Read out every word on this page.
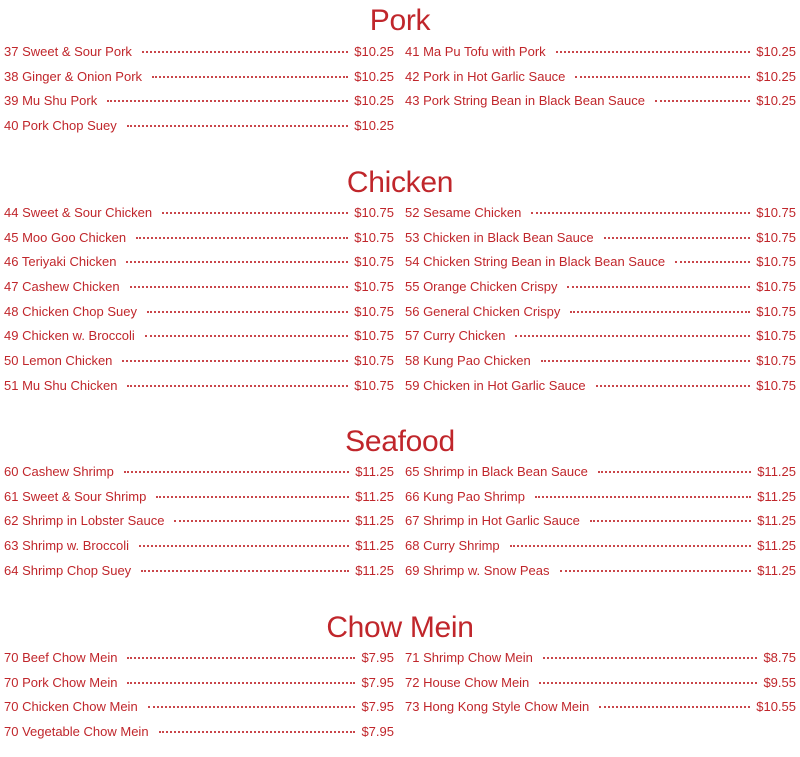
Pork
37 Sweet & Sour Pork	$10.25
38 Ginger & Onion Pork	$10.25
39 Mu Shu Pork	$10.25
40 Pork Chop Suey	$10.25
41 Ma Pu Tofu with Pork	$10.25
42 Pork in Hot Garlic Sauce	$10.25
43 Pork String Bean in Black Bean Sauce	$10.25
Chicken
44 Sweet & Sour Chicken	$10.75
45 Moo Goo Chicken	$10.75
46 Teriyaki Chicken	$10.75
47 Cashew Chicken	$10.75
48 Chicken Chop Suey	$10.75
49 Chicken w. Broccoli	$10.75
50 Lemon Chicken	$10.75
51 Mu Shu Chicken	$10.75
52 Sesame Chicken	$10.75
53 Chicken in Black Bean Sauce	$10.75
54 Chicken String Bean in Black Bean Sauce	$10.75
55 Orange Chicken Crispy	$10.75
56 General Chicken Crispy	$10.75
57 Curry Chicken	$10.75
58 Kung Pao Chicken	$10.75
59 Chicken in Hot Garlic Sauce	$10.75
Seafood
60 Cashew Shrimp	$11.25
61 Sweet & Sour Shrimp	$11.25
62 Shrimp in Lobster Sauce	$11.25
63 Shrimp w. Broccoli	$11.25
64 Shrimp Chop Suey	$11.25
65 Shrimp in Black Bean Sauce	$11.25
66 Kung Pao Shrimp	$11.25
67 Shrimp in Hot Garlic Sauce	$11.25
68 Curry Shrimp	$11.25
69 Shrimp w. Snow Peas	$11.25
Chow Mein
70 Beef Chow Mein	$7.95
70 Pork Chow Mein	$7.95
70 Chicken Chow Mein	$7.95
70 Vegetable Chow Mein	$7.95
71 Shrimp Chow Mein	$8.75
72 House Chow Mein	$9.55
73 Hong Kong Style Chow Mein	$10.55
